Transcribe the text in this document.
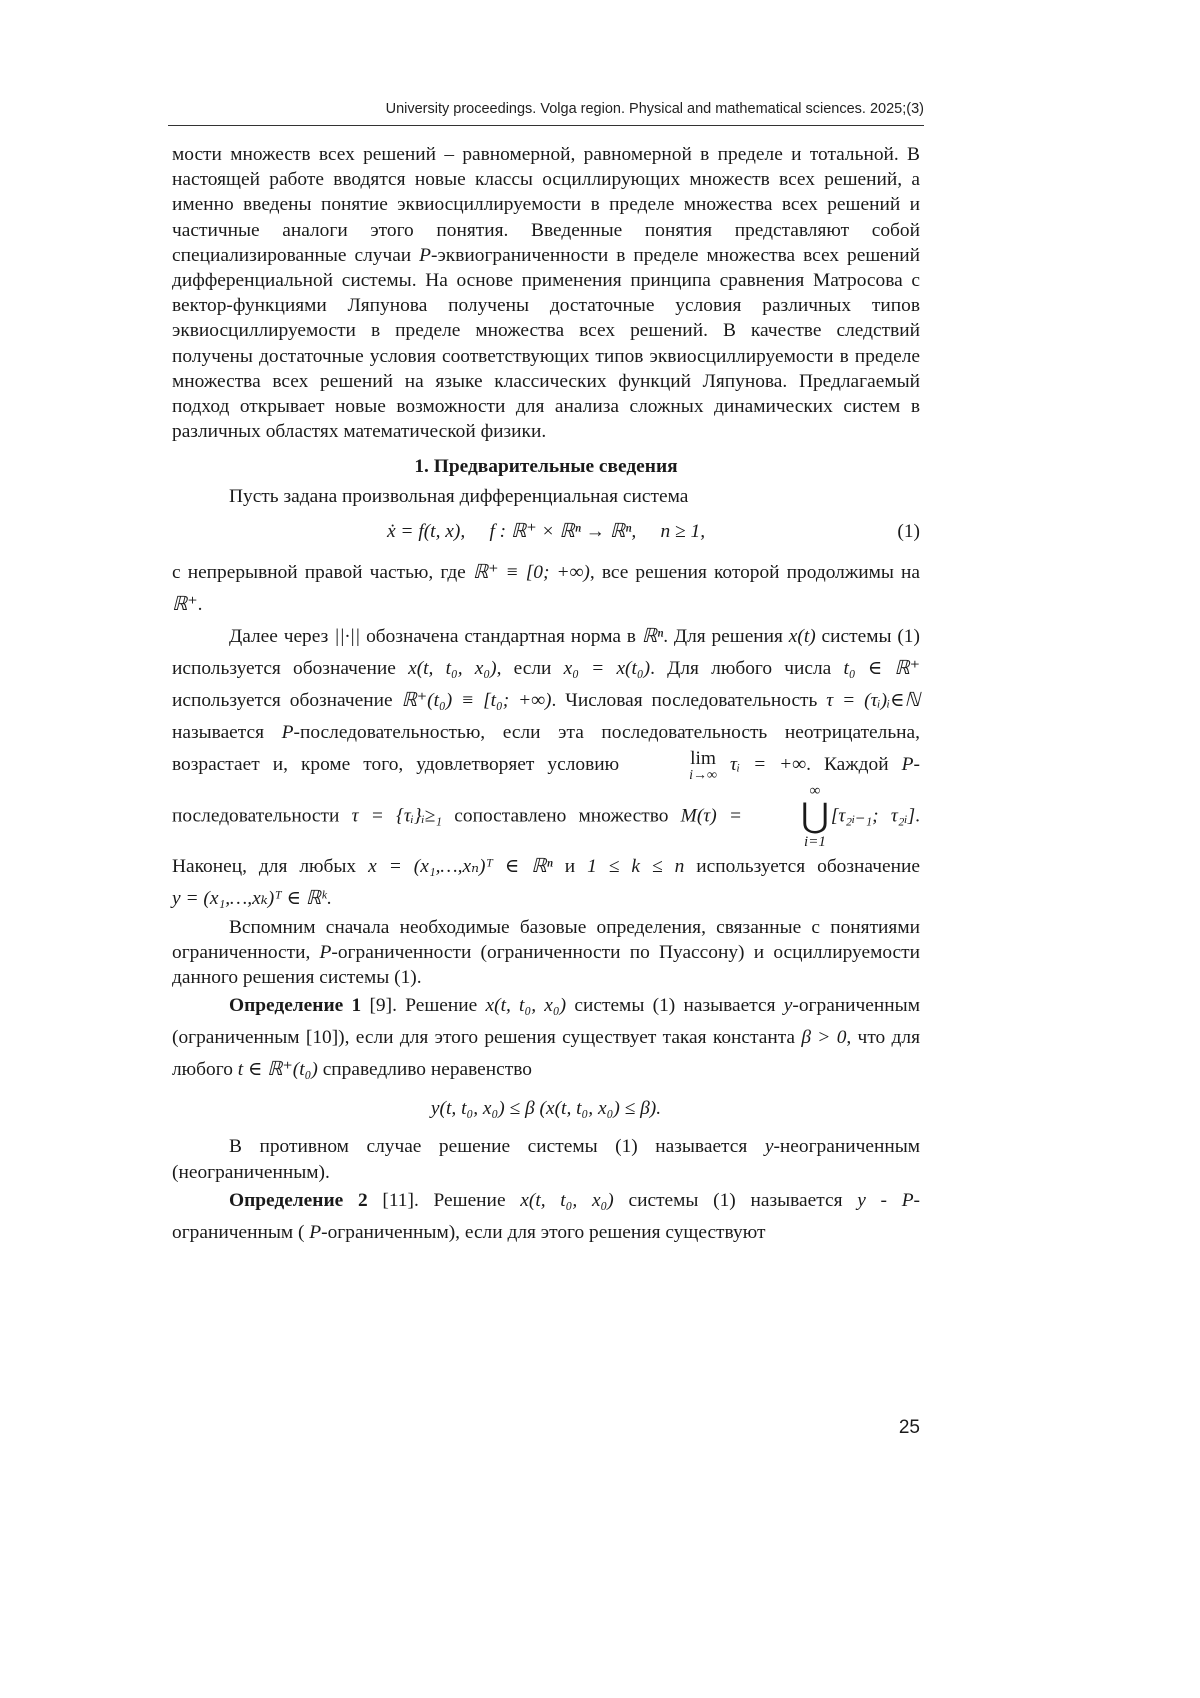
University proceedings. Volga region. Physical and mathematical sciences. 2025;(3)

мости множеств всех решений – равномерной, равномерной в пределе и тотальной. В настоящей работе вводятся новые классы осциллирующих множеств всех решений, а именно введены понятие эквиосциллируемости в пределе множества всех решений и частичные аналоги этого понятия. Введенные понятия представляют собой специализированные случаи P-эквиограниченности в пределе множества всех решений дифференциальной системы. На основе применения принципа сравнения Матросова с вектор-функциями Ляпунова получены достаточные условия различных типов эквиосциллируемости в пределе множества всех решений. В качестве следствий получены достаточные условия соответствующих типов эквиосциллируемости в пределе множества всех решений на языке классических функций Ляпунова. Предлагаемый подход открывает новые возможности для анализа сложных динамических систем в различных областях математической физики.

1. Предварительные сведения

Пусть задана произвольная дифференциальная система

ẋ = f(t, x), f : ℝ⁺ × ℝⁿ → ℝⁿ, n ≥ 1,	(1)

с непрерывной правой частью, где ℝ⁺ ≡ [0; +∞), все решения которой продолжимы на ℝ⁺.

Далее через ||·|| обозначена стандартная норма в ℝⁿ. Для решения x(t) системы (1) используется обозначение x(t, t₀, x₀), если x₀ = x(t₀). Для любого числа t₀ ∈ ℝ⁺ используется обозначение ℝ⁺(t₀) ≡ [t₀; +∞). Числовая последовательность τ = (τᵢ)ᵢ∈ℕ называется P-последовательностью, если эта последовательность неотрицательна, возрастает и, кроме того, удовлетворяет условию	lim
i→∞
τᵢ = +∞. Каждой P-последовательности τ = {τᵢ}ᵢ≥₁ сопоставлено множество M(τ) =
∞
⋃
i=1
[τ₂ᵢ₋₁; τ₂ᵢ]. Наконец, для любых x = (x₁,…,xₙ)ᵀ ∈ ℝⁿ и 1 ≤ k ≤ n используется обозначение y = (x₁,…,xₖ)ᵀ ∈ ℝᵏ.

Вспомним сначала необходимые базовые определения, связанные с понятиями ограниченности, P-ограниченности (ограниченности по Пуассону) и осциллируемости данного решения системы (1).

Определение 1 [9]. Решение x(t, t₀, x₀) системы (1) называется y-ограниченным (ограниченным [10]), если для этого решения существует такая константа β > 0, что для любого t ∈ ℝ⁺(t₀) справедливо неравенство

y(t, t₀, x₀) ≤ β (x(t, t₀, x₀) ≤ β).

В противном случае решение системы (1) называется y-неограниченным (неограниченным).

Определение 2 [11]. Решение x(t, t₀, x₀) системы (1) называется y - P-ограниченным ( P-ограниченным), если для этого решения существуют

25
